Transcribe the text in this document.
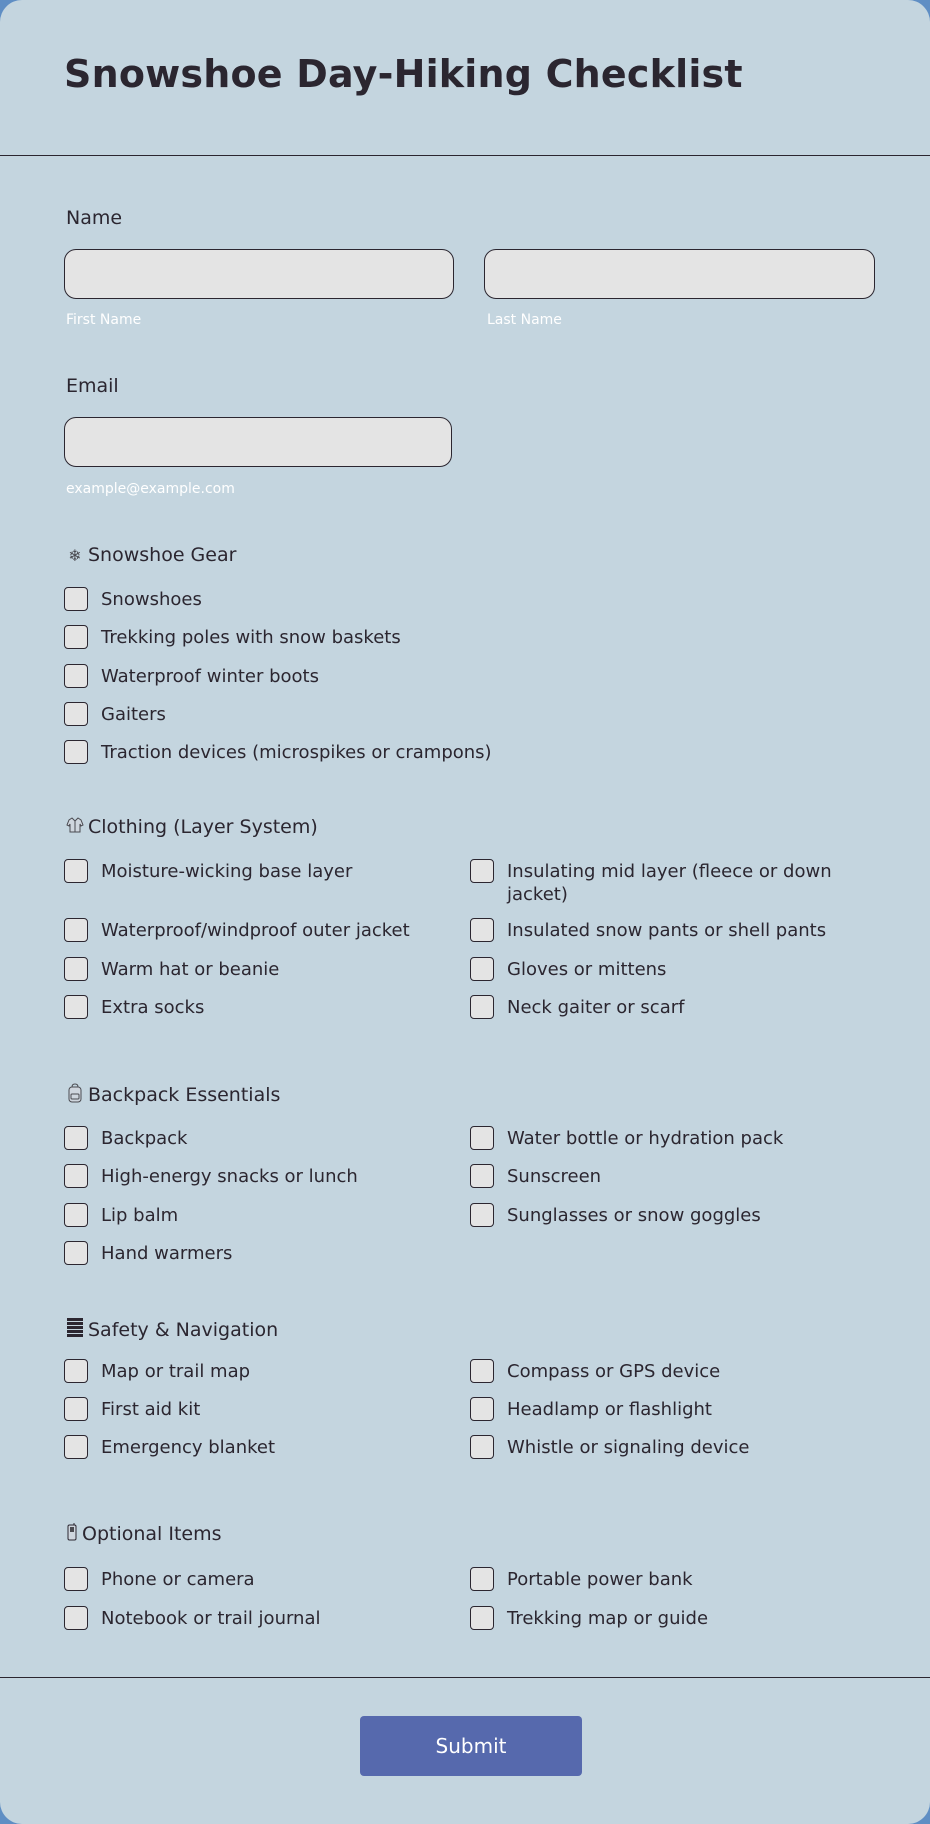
Snowshoe Day-Hiking Checklist
Name
First Name	Last Name
Email
example@example.com
❄ Snowshoe Gear
Snowshoes
Trekking poles with snow baskets
Waterproof winter boots
Gaiters
Traction devices (microspikes or crampons)
Clothing (Layer System)
Moisture-wicking base layer	Insulating mid layer (fleece or down jacket)
Waterproof/windproof outer jacket	Insulated snow pants or shell pants
Warm hat or beanie	Gloves or mittens
Extra socks	Neck gaiter or scarf
Backpack Essentials
Backpack	Water bottle or hydration pack
High-energy snacks or lunch	Sunscreen
Lip balm	Sunglasses or snow goggles
Hand warmers
Safety & Navigation
Map or trail map	Compass or GPS device
First aid kit	Headlamp or flashlight
Emergency blanket	Whistle or signaling device
Optional Items
Phone or camera	Portable power bank
Notebook or trail journal	Trekking map or guide
Submit
